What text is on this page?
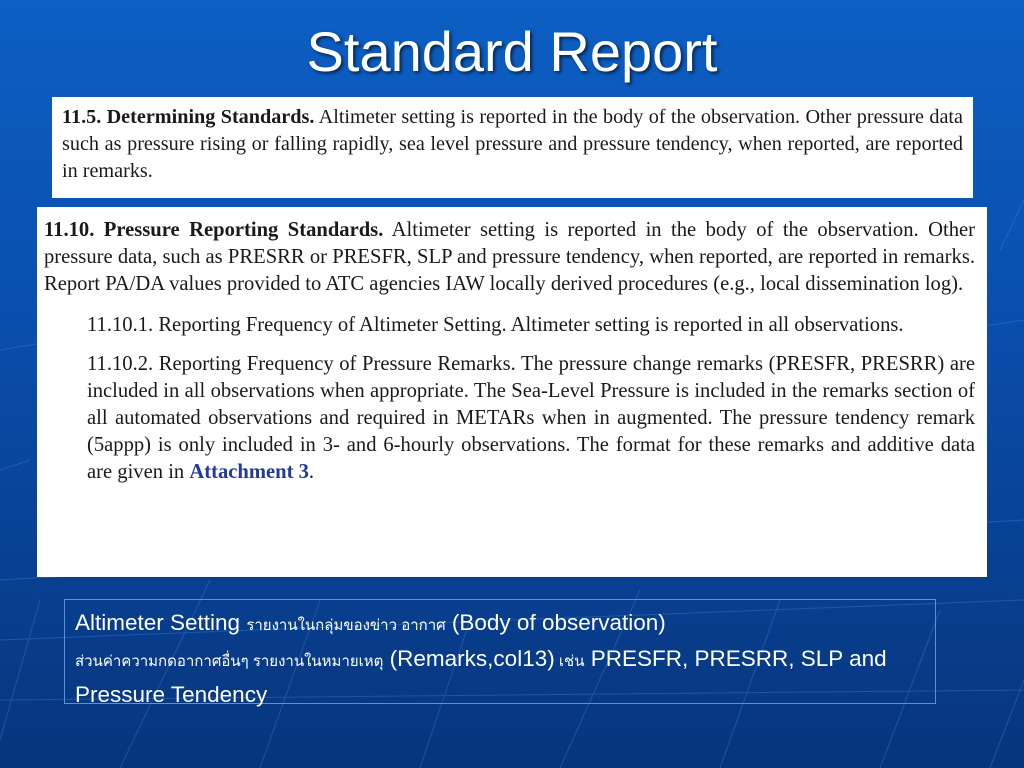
Standard Report

11.5. Determining Standards. Altimeter setting is reported in the body of the observation. Other pressure data such as pressure rising or falling rapidly, sea level pressure and pressure tendency, when reported, are reported in remarks.

11.10. Pressure Reporting Standards. Altimeter setting is reported in the body of the observation. Other pressure data, such as PRESRR or PRESFR, SLP and pressure tendency, when reported, are reported in remarks. Report PA/DA values provided to ATC agencies IAW locally derived procedures (e.g., local dissemination log).

11.10.1. Reporting Frequency of Altimeter Setting. Altimeter setting is reported in all observations.

11.10.2. Reporting Frequency of Pressure Remarks. The pressure change remarks (PRESFR, PRESRR) are included in all observations when appropriate. The Sea-Level Pressure is included in the remarks section of all automated observations and required in METARs when in augmented. The pressure tendency remark (5appp) is only included in 3- and 6-hourly observations. The format for these remarks and additive data are given in Attachment 3.

Altimeter Setting รายงานในกลุ่มของข่าว อากาศ (Body of observation)
ส่วนค่าความกดอากาศอื่นๆ รายงานในหมายเหตุ (Remarks,col13) เช่น PRESFR, PRESRR, SLP and Pressure Tendency
